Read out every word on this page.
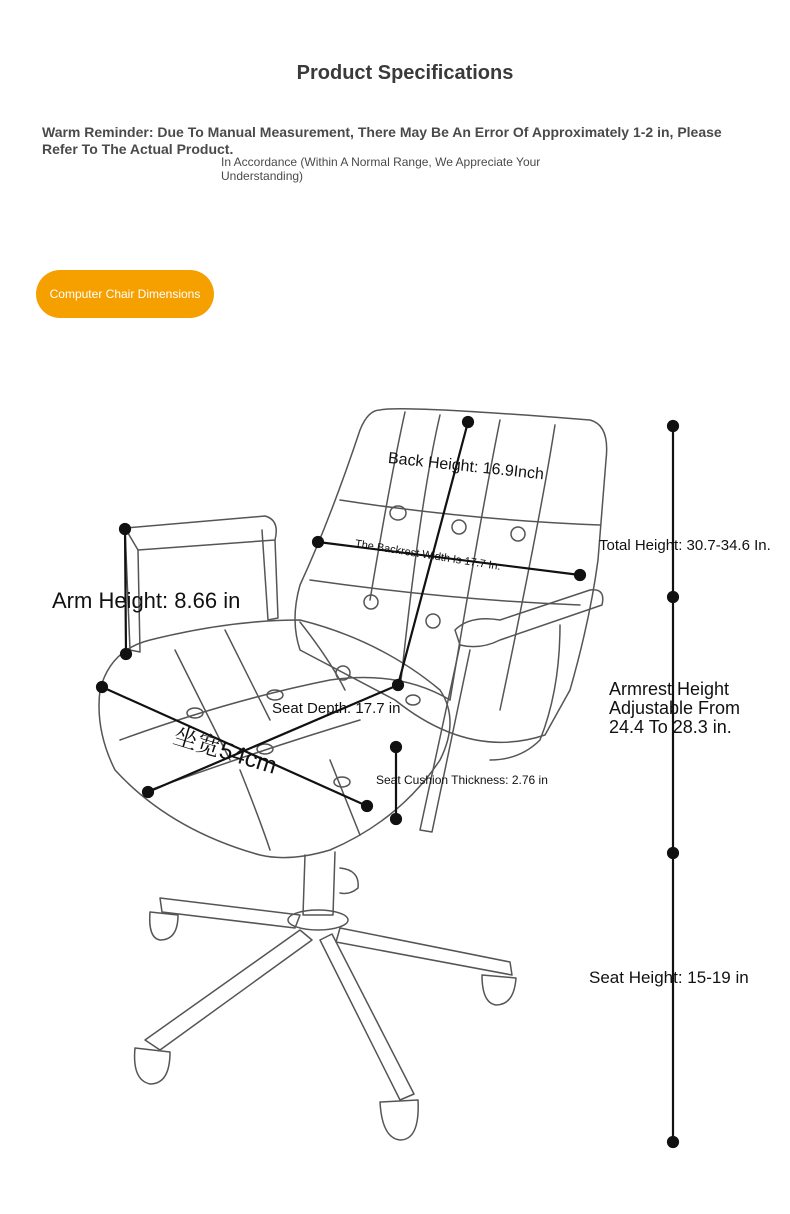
Product Specifications
Warm Reminder: Due To Manual Measurement, There May Be An Error Of Approximately 1-2 in, Please Refer To The Actual Product.
In Accordance (Within A Normal Range, We Appreciate Your Understanding)
Computer Chair Dimensions
Back Height: 16.9Inch
The Backrest Width Is 17.7 In.	Total Height: 30.7-34.6 In.
Arm Height: 8.66 in
Armrest Height Adjustable From 24.4 To 28.3 in.
Seat Depth: 17.7 in
坐宽54cm
Seat Cushion Thickness: 2.76 in
Seat Height: 15-19 in
